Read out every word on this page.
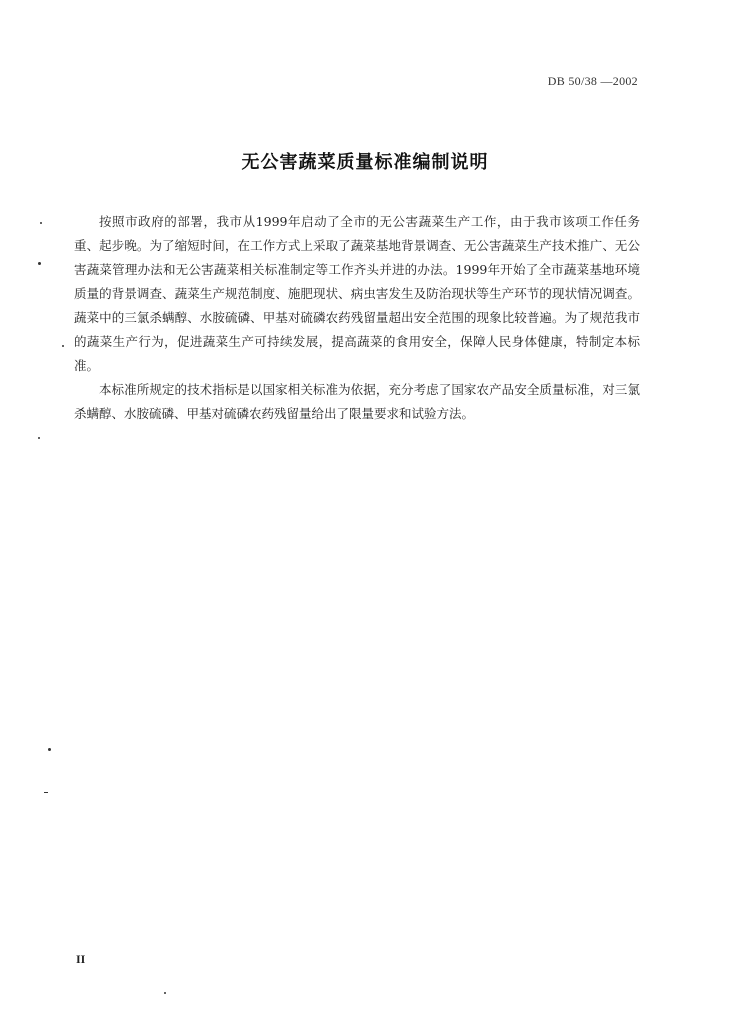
DB 50/38 —2002
无公害蔬菜质量标准编制说明

按照市政府的部署，我市从1999年启动了全市的无公害蔬菜生产工作，由于我市该项工作任务重、起步晚。为了缩短时间，在工作方式上采取了蔬菜基地背景调查、无公害蔬菜生产技术推广、无公害蔬菜管理办法和无公害蔬菜相关标准制定等工作齐头并进的办法。1999年开始了全市蔬菜基地环境质量的背景调查、蔬菜生产规范制度、施肥现状、病虫害发生及防治现状等生产环节的现状情况调查。蔬菜中的三氯杀螨醇、水胺硫磷、甲基对硫磷农药残留量超出安全范围的现象比较普遍。为了规范我市的蔬菜生产行为，促进蔬菜生产可持续发展，提高蔬菜的食用安全，保障人民身体健康，特制定本标准。

本标准所规定的技术指标是以国家相关标准为依据，充分考虑了国家农产品安全质量标准，对三氯杀螨醇、水胺硫磷、甲基对硫磷农药残留量给出了限量要求和试验方法。

II
